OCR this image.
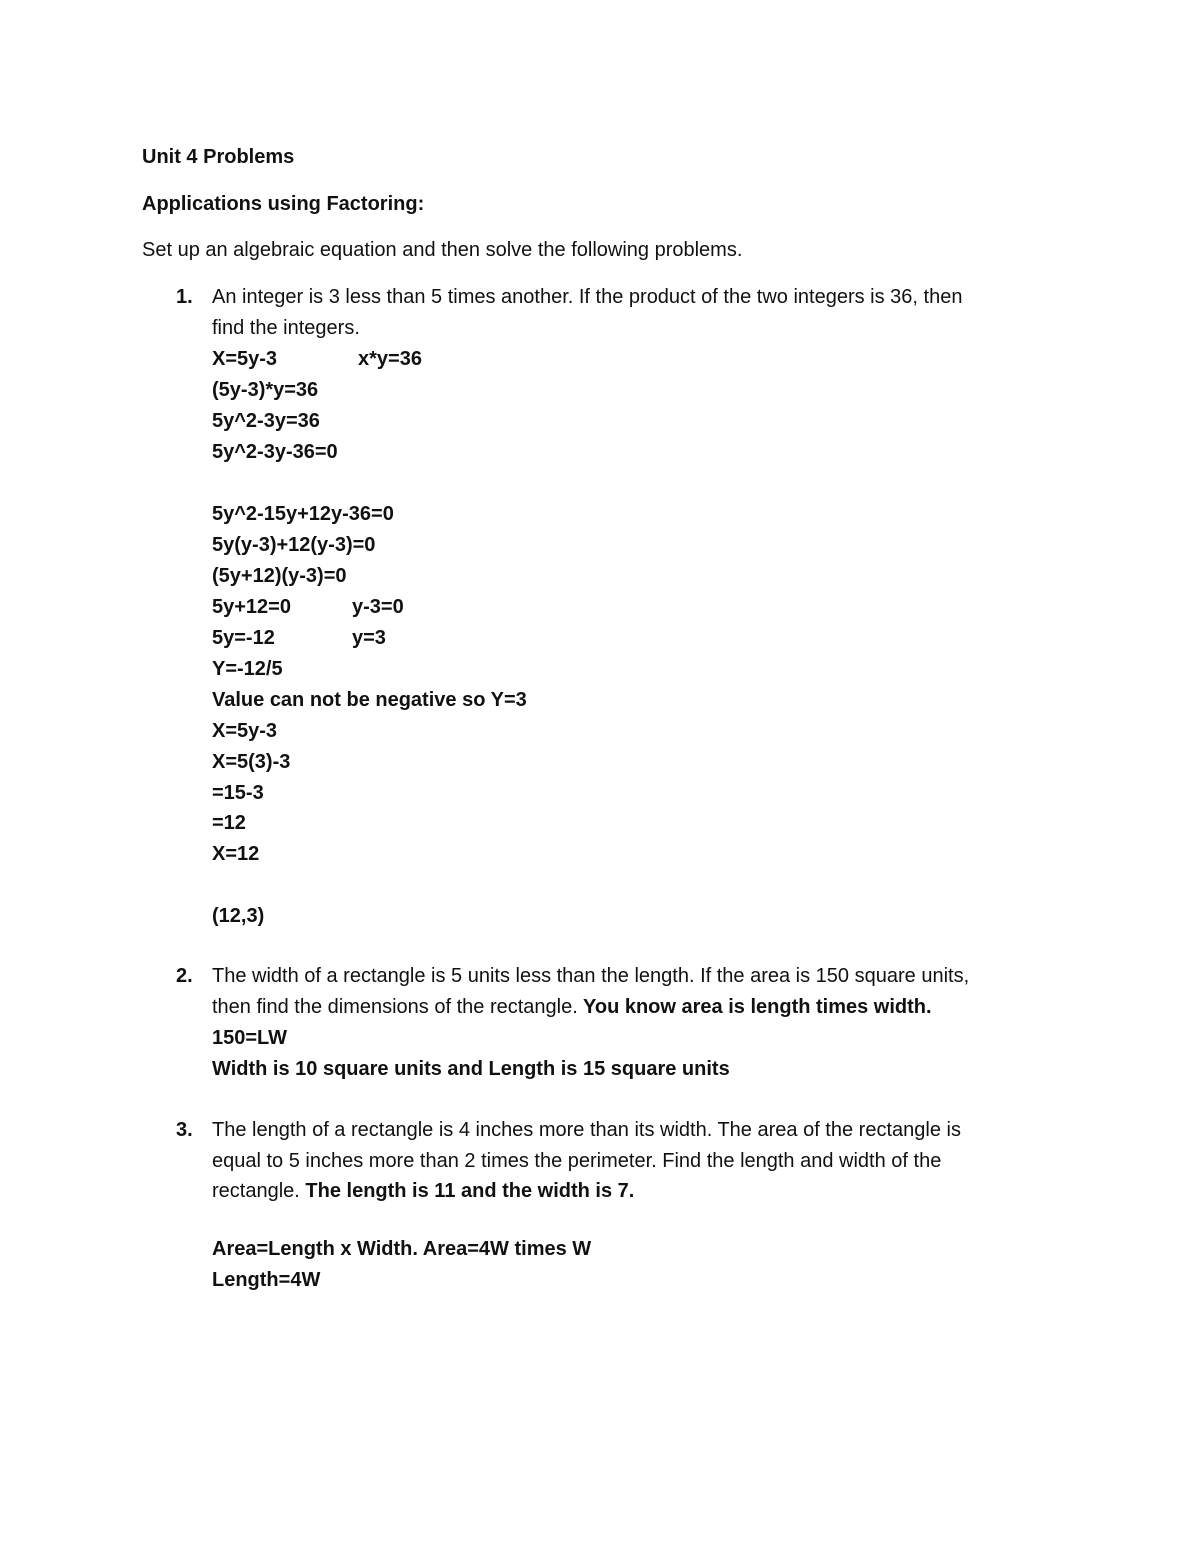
Unit 4 Problems
Applications using Factoring:
Set up an algebraic equation and then solve the following problems.
1. An integer is 3 less than 5 times another. If the product of the two integers is 36, then
find the integers.
X=5y-3	x*y=36
(5y-3)*y=36
5y^2-3y=36
5y^2-3y-36=0
5y^2-15y+12y-36=0
5y(y-3)+12(y-3)=0
(5y+12)(y-3)=0
5y+12=0	y-3=0
5y=-12	y=3
Y=-12/5
Value can not be negative so Y=3
X=5y-3
X=5(3)-3
=15-3
=12
X=12
(12,3)
2. The width of a rectangle is 5 units less than the length. If the area is 150 square units,
then find the dimensions of the rectangle. You know area is length times width.
150=LW
Width is 10 square units and Length is 15 square units
3. The length of a rectangle is 4 inches more than its width. The area of the rectangle is
equal to 5 inches more than 2 times the perimeter. Find the length and width of the
rectangle. The length is 11 and the width is 7.
Area=Length x Width. Area=4W times W
Length=4W
